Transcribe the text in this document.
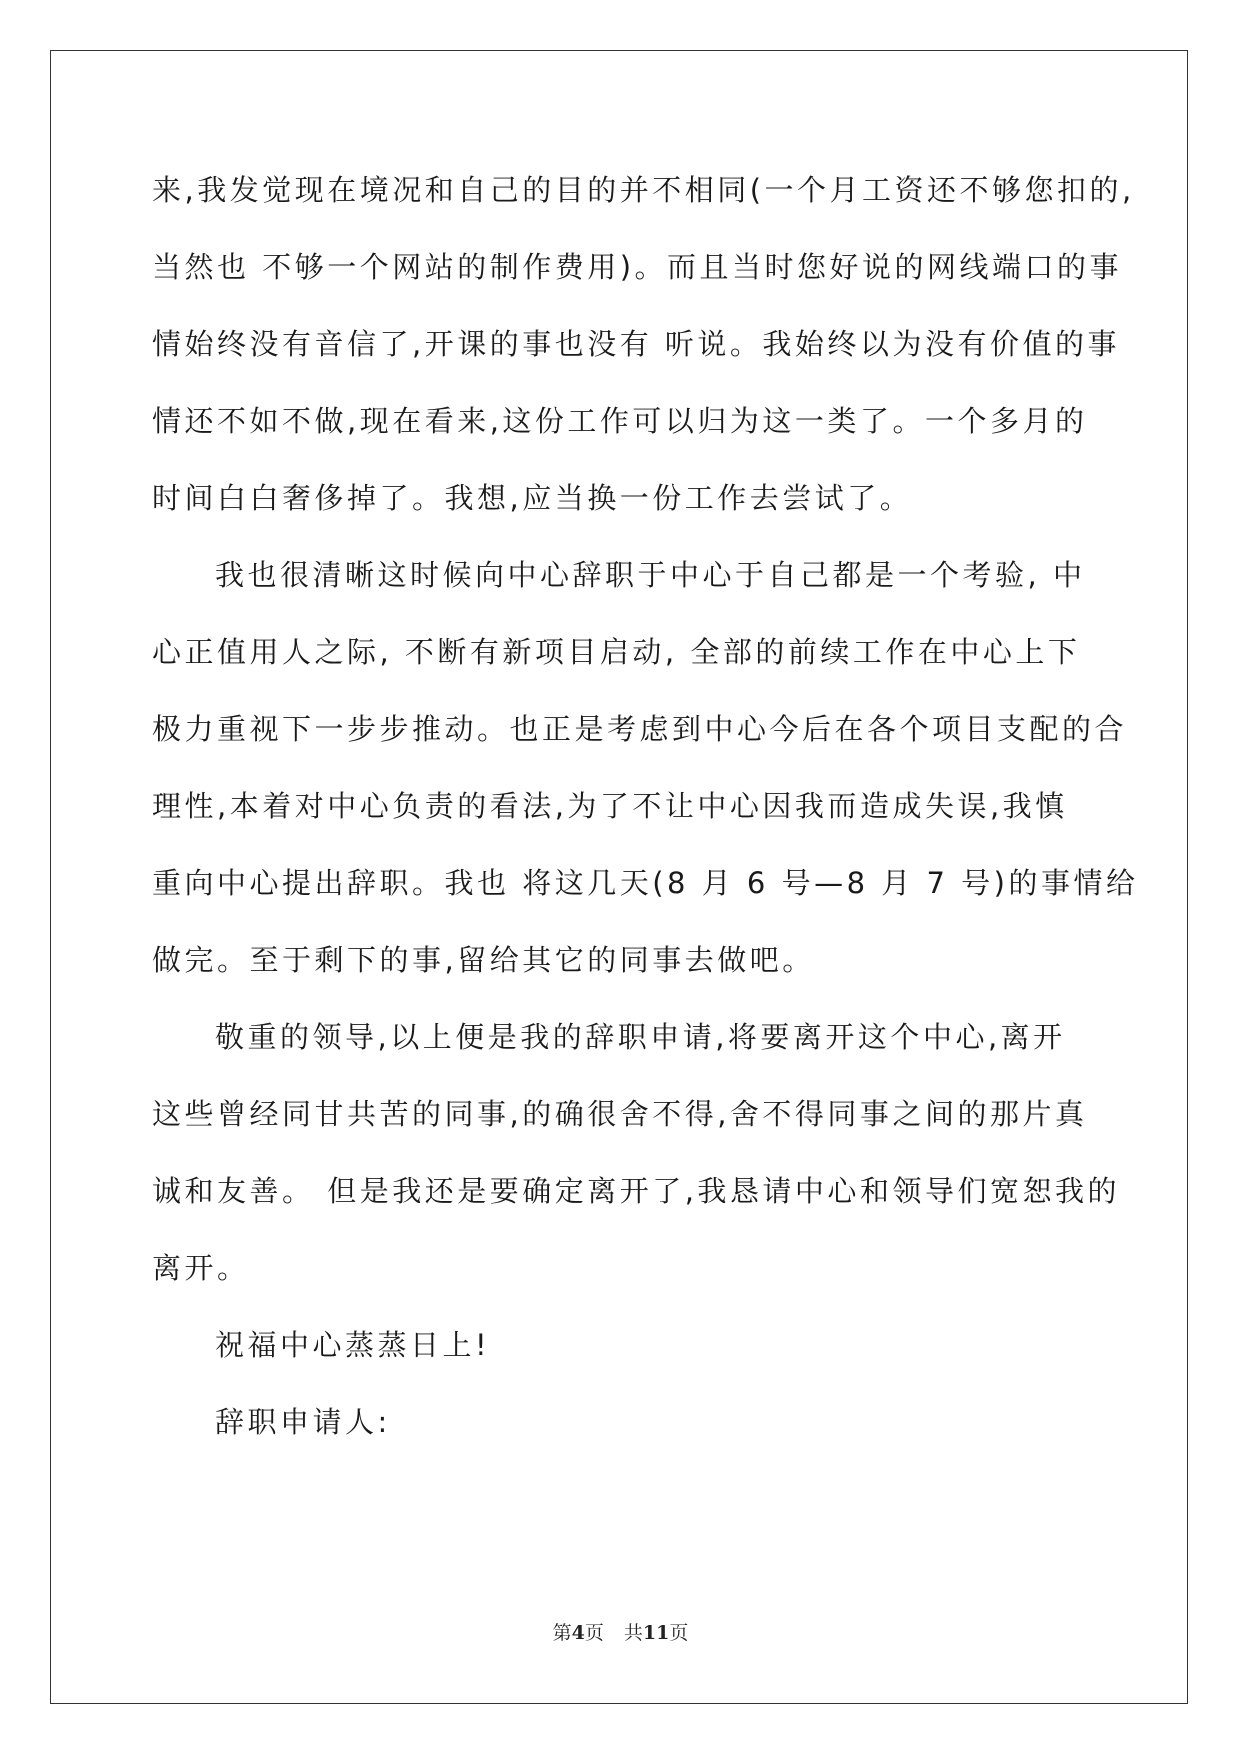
来,我发觉现在境况和自己的目的并不相同(一个月工资还不够您扣的,
当然也 不够一个网站的制作费用)。而且当时您好说的网线端口的事
情始终没有音信了,开课的事也没有 听说。我始终以为没有价值的事
情还不如不做,现在看来,这份工作可以归为这一类了。一个多月的
时间白白奢侈掉了。我想,应当换一份工作去尝试了。
我也很清晰这时候向中心辞职于中心于自己都是一个考验, 中
心正值用人之际, 不断有新项目启动, 全部的前续工作在中心上下
极力重视下一步步推动。也正是考虑到中心今后在各个项目支配的合
理性,本着对中心负责的看法,为了不让中心因我而造成失误,我慎
重向中心提出辞职。我也 将这几天(8 月 6 号—8 月 7 号)的事情给
做完。至于剩下的事,留给其它的同事去做吧。
敬重的领导,以上便是我的辞职申请,将要离开这个中心,离开
这些曾经同甘共苦的同事,的确很舍不得,舍不得同事之间的那片真
诚和友善。 但是我还是要确定离开了,我恳请中心和领导们宽恕我的
离开。
祝福中心蒸蒸日上!
辞职申请人:
第4页 共11页
